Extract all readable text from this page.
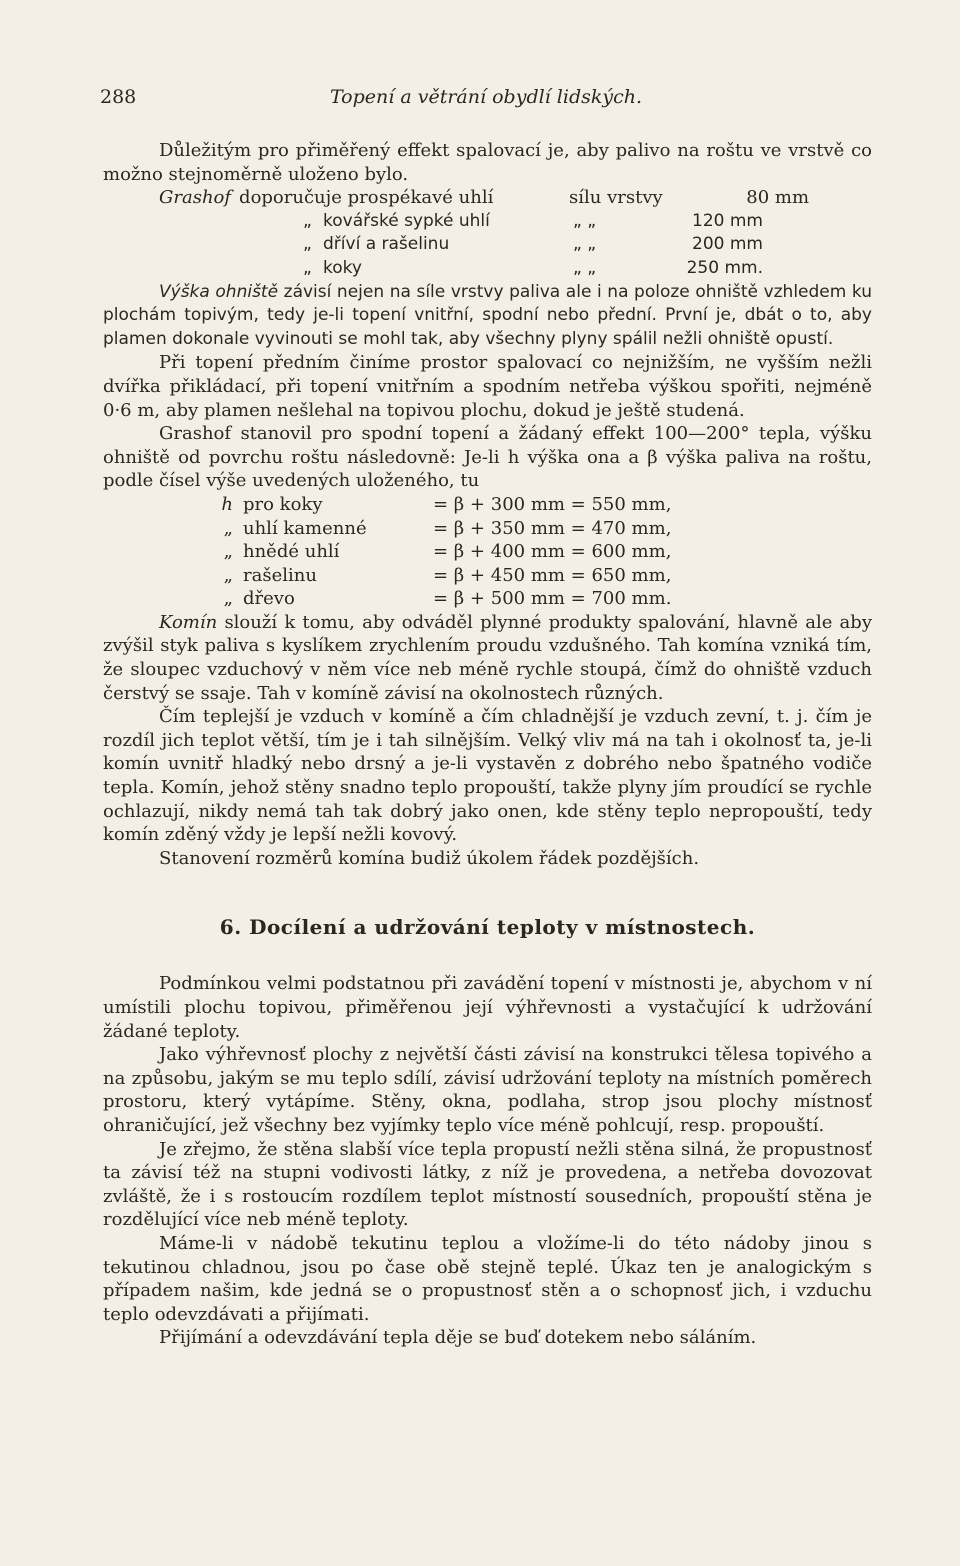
288	Topení a větrání obydlí lidských.

Důležitým pro přiměřený effekt spalovací je, aby palivo na roštu ve vrstvě co možno stejnoměrně uloženo bylo.

Grashof doporučuje pro spékavé uhlí	sílu vrstvy	80 mm
„ kovářské sypké uhlí	„ „	120 mm
„ dříví a rašelinu	„ „	200 mm
„ koky	„ „	250 mm.

Výška ohniště závisí nejen na síle vrstvy paliva ale i na poloze ohniště vzhledem ku plochám topivým, tedy je-li topení vnitřní, spodní nebo přední. První je, dbát o to, aby plamen dokonale vyvinouti se mohl tak, aby všechny plyny spálil nežli ohniště opustí.

Při topení předním činíme prostor spalovací co nejnižším, ne vyšším nežli dvířka přikládací, při topení vnitřním a spodním netřeba výškou spořiti, nejméně 0·6 m, aby plamen nešlehal na topivou plochu, dokud je ještě studená.

Grashof stanovil pro spodní topení a žádaný effekt 100—200° tepla, výšku ohniště od povrchu roštu následovně: Je-li h výška ona a β výška paliva na roštu, podle čísel výše uvedených uloženého, tu

h pro koky	= β + 300 mm = 550 mm,
„ uhlí kamenné	= β + 350 mm = 470 mm,
„ hnědé uhlí	= β + 400 mm = 600 mm,
„ rašelinu	= β + 450 mm = 650 mm,
„ dřevo	= β + 500 mm = 700 mm.

Komín slouží k tomu, aby odváděl plynné produkty spalování, hlavně ale aby zvýšil styk paliva s kyslíkem zrychlením proudu vzdušného. Tah komína vzniká tím, že sloupec vzduchový v něm více neb méně rychle stoupá, čímž do ohniště vzduch čerstvý se ssaje. Tah v komíně závisí na okolnostech různých.

Čím teplejší je vzduch v komíně a čím chladnější je vzduch zevní, t. j. čím je rozdíl jich teplot větší, tím je i tah silnějším. Velký vliv má na tah i okolnosť ta, je-li komín uvnitř hladký nebo drsný a je-li vystavěn z dobrého nebo špatného vodiče tepla. Komín, jehož stěny snadno teplo propouští, takže plyny jím proudící se rychle ochlazují, nikdy nemá tah tak dobrý jako onen, kde stěny teplo nepropouští, tedy komín zděný vždy je lepší nežli kovový.

Stanovení rozměrů komína budiž úkolem řádek pozdějších.

6. Docílení a udržování teploty v místnostech.

Podmínkou velmi podstatnou při zavádění topení v místnosti je, abychom v ní umístili plochu topivou, přiměřenou její výhřevnosti a vystačující k udržování žádané teploty.

Jako výhřevnosť plochy z největší části závisí na konstrukci tělesa topivého a na způsobu, jakým se mu teplo sdílí, závisí udržování teploty na místních poměrech prostoru, který vytápíme. Stěny, okna, podlaha, strop jsou plochy místnosť ohraničující, jež všechny bez vyjímky teplo více méně pohlcují, resp. propouští.

Je zřejmo, že stěna slabší více tepla propustí nežli stěna silná, že propustnosť ta závisí též na stupni vodivosti látky, z níž je provedena, a netřeba dovozovat zvláště, že i s rostoucím rozdílem teplot místností sousedních, propouští stěna je rozdělující více neb méně teploty.

Máme-li v nádobě tekutinu teplou a vložíme-li do této nádoby jinou s tekutinou chladnou, jsou po čase obě stejně teplé. Úkaz ten je analogickým s případem našim, kde jedná se o propustnosť stěn a o schopnosť jich, i vzduchu teplo odevzdávati a přijímati.

Přijímání a odevzdávání tepla děje se buď dotekem nebo sáláním.
